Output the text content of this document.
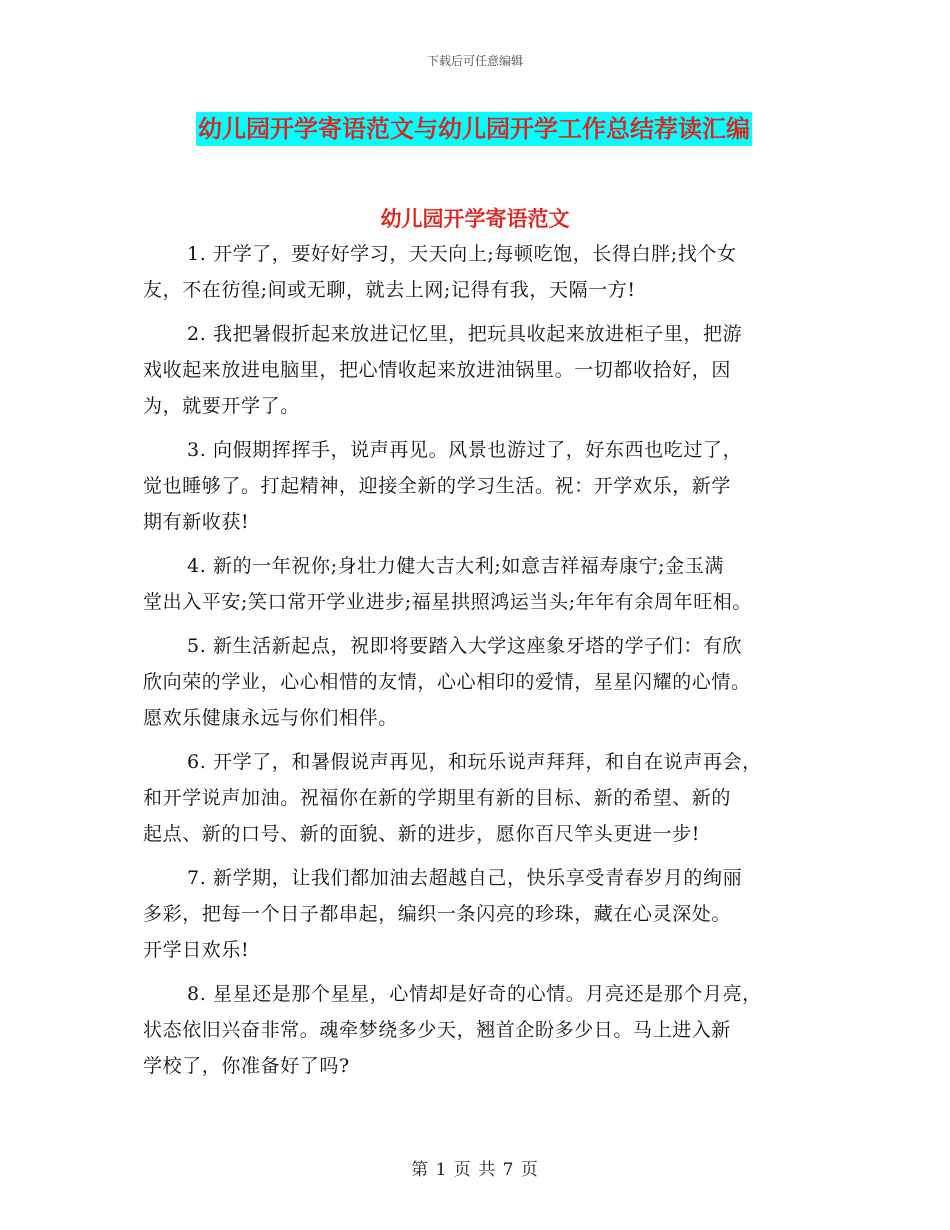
下载后可任意编辑
幼儿园开学寄语范文与幼儿园开学工作总结荐读汇编
幼儿园开学寄语范文
1. 开学了，要好好学习，天天向上;每顿吃饱，长得白胖;找个女
友，不在彷徨;间或无聊，就去上网;记得有我，天隔一方!
2. 我把暑假折起来放进记忆里，把玩具收起来放进柜子里，把游
戏收起来放进电脑里，把心情收起来放进油锅里。一切都收拾好，因
为，就要开学了。
3. 向假期挥挥手，说声再见。风景也游过了，好东西也吃过了，
觉也睡够了。打起精神，迎接全新的学习生活。祝：开学欢乐，新学
期有新收获!
4. 新的一年祝你;身壮力健大吉大利;如意吉祥福寿康宁;金玉满
堂出入平安;笑口常开学业进步;福星拱照鸿运当头;年年有余周年旺相。
5. 新生活新起点，祝即将要踏入大学这座象牙塔的学子们：有欣
欣向荣的学业，心心相惜的友情，心心相印的爱情，星星闪耀的心情。
愿欢乐健康永远与你们相伴。
6. 开学了，和暑假说声再见，和玩乐说声拜拜，和自在说声再会，
和开学说声加油。祝福你在新的学期里有新的目标、新的希望、新的
起点、新的口号、新的面貌、新的进步，愿你百尺竿头更进一步!
7. 新学期，让我们都加油去超越自己，快乐享受青春岁月的绚丽
多彩，把每一个日子都串起，编织一条闪亮的珍珠，藏在心灵深处。
开学日欢乐!
8. 星星还是那个星星，心情却是好奇的心情。月亮还是那个月亮，
状态依旧兴奋非常。魂牵梦绕多少天，翘首企盼多少日。马上进入新
学校了，你准备好了吗?
第 1 页 共 7 页
